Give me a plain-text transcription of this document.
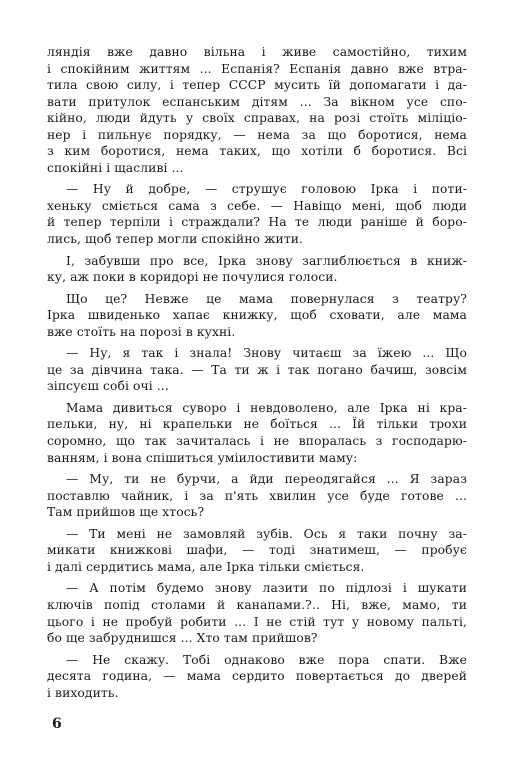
ляндія вже давно вільна і живе самостійно, тихим
і спокійним життям ... Еспанія? Еспанія давно вже втра-
тила свою силу, і тепер СССР мусить їй допомагати і да-
вати притулок еспанським дітям ... За вікном усе спо-
кійно, люди йдуть у своїх справах, на розі стоїть міліціо-
нер і пильнує порядку, — нема за що боротися, нема
з ким боротися, нема таких, що хотіли б боротися. Всі
спокійні і щасливі ...
— Ну й добре, — струшує головою Ірка і поти-
хеньку сміється сама з себе. — Навіщо мені, щоб люди
й тепер терпіли і страждали? На те люди раніше й боро-
лись, щоб тепер могли спокійно жити.
І, забувши про все, Ірка знову заглиблюється в книж-
ку, аж поки в коридорі не почулися голоси.
Що це? Невже це мама повернулася з театру?
Ірка швиденько хапає книжку, щоб сховати, але мама
вже стоїть на порозі в кухні.
— Ну, я так і знала! Знову читаєш за їжею ... Що
це за дівчина така. — Та ти ж і так погано бачиш, зовсім
зіпсуєш собі очі ...
Мама дивиться суворо і невдоволено, але Ірка ні кра-
пельки, ну, ні крапельки не боїться ... Їй тільки трохи
соромно, що так зачиталась і не впоралась з господарю-
ванням, і вона спішиться уміилостивити маму:
— Му, ти не бурчи, а йди переодягайся ... Я зараз
поставлю чайник, і за п'ять хвилин усе буде готове ...
Там прийшов ще хтось?
— Ти мені не замовляй зубів. Ось я таки почну за-
микати книжкові шафи, — тоді знатимеш, — пробує
і далі сердитись мама, але Ірка тільки сміється.
— А потім будемо знову лазити по підлозі і шукати
ключів попід столами й канапами.?.. Ні, вже, мамо, ти
цього і не пробуй робити ... І не стій тут у новому пальті,
бо ще забруднишся ... Хто там прийшов?
— Не скажу. Тобі однаково вже пора спати. Вже
десята година, — мама сердито повертається до дверей
і виходить.
6
